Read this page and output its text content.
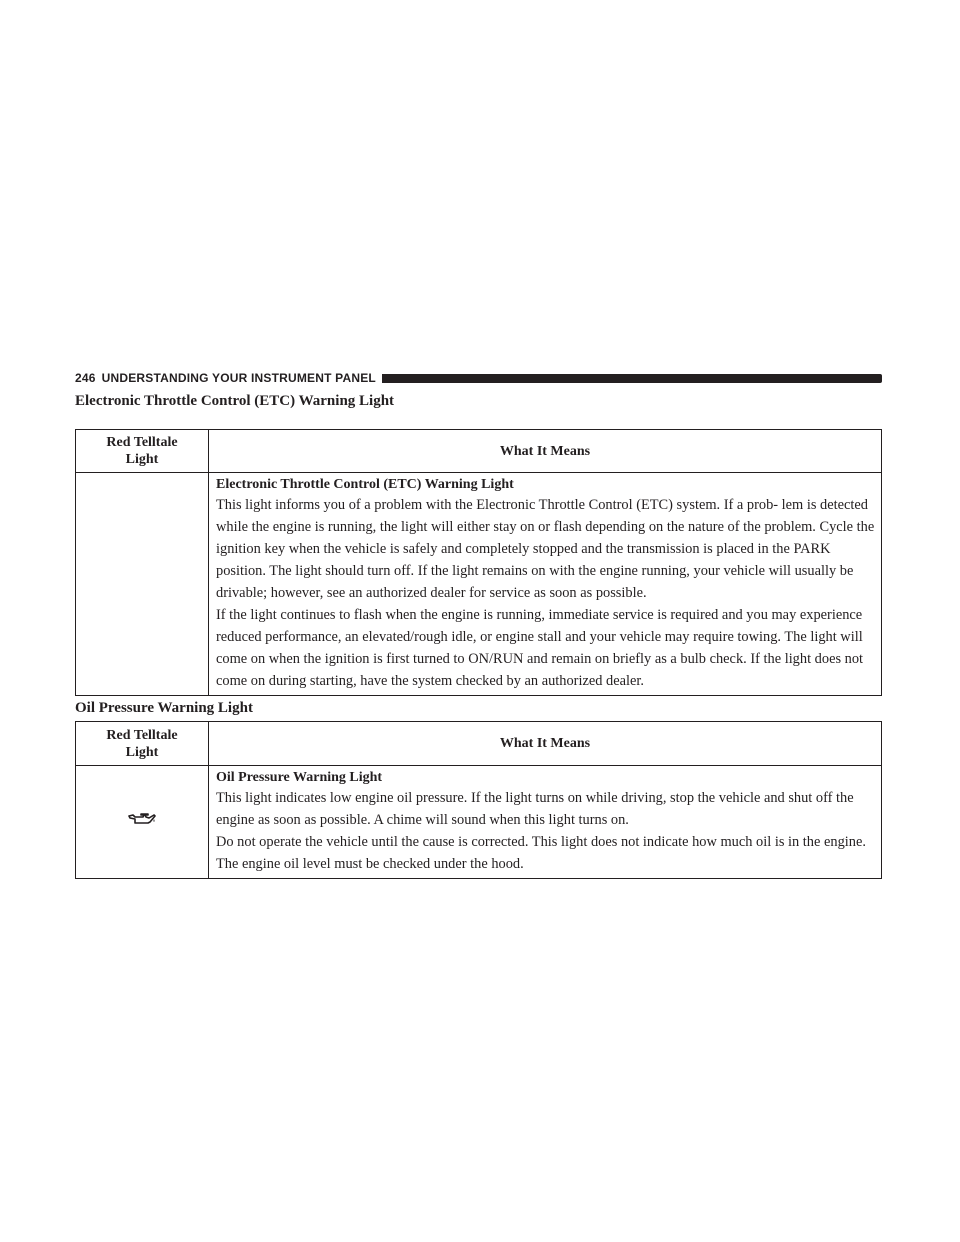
246 UNDERSTANDING YOUR INSTRUMENT PANEL
Electronic Throttle Control (ETC) Warning Light
Red Telltale
Light	What It Means

	Electronic Throttle Control (ETC) Warning Light

This light informs you of a problem with the Electronic Throttle Control (ETC) system. If a prob- lem is detected while the engine is running, the light will either stay on or flash depending on the nature of the problem. Cycle the ignition key when the vehicle is safely and completely stopped and the transmission is placed in the PARK position. The light should turn off. If the light remains on with the engine running, your vehicle will usually be drivable; however, see an authorized dealer for service as soon as possible.

If the light continues to flash when the engine is running, immediate service is required and you may experience reduced performance, an elevated/rough idle, or engine stall and your vehicle may require towing. The light will come on when the ignition is first turned to ON/RUN and remain on briefly as a bulb check. If the light does not come on during starting, have the system checked by an authorized dealer.

Oil Pressure Warning Light
Red Telltale
Light	What It Means

Oil Pressure Warning Light

This light indicates low engine oil pressure. If the light turns on while driving, stop the vehicle and shut off the engine as soon as possible. A chime will sound when this light turns on.

Do not operate the vehicle until the cause is corrected. This light does not indicate how much oil is in the engine. The engine oil level must be checked under the hood.
